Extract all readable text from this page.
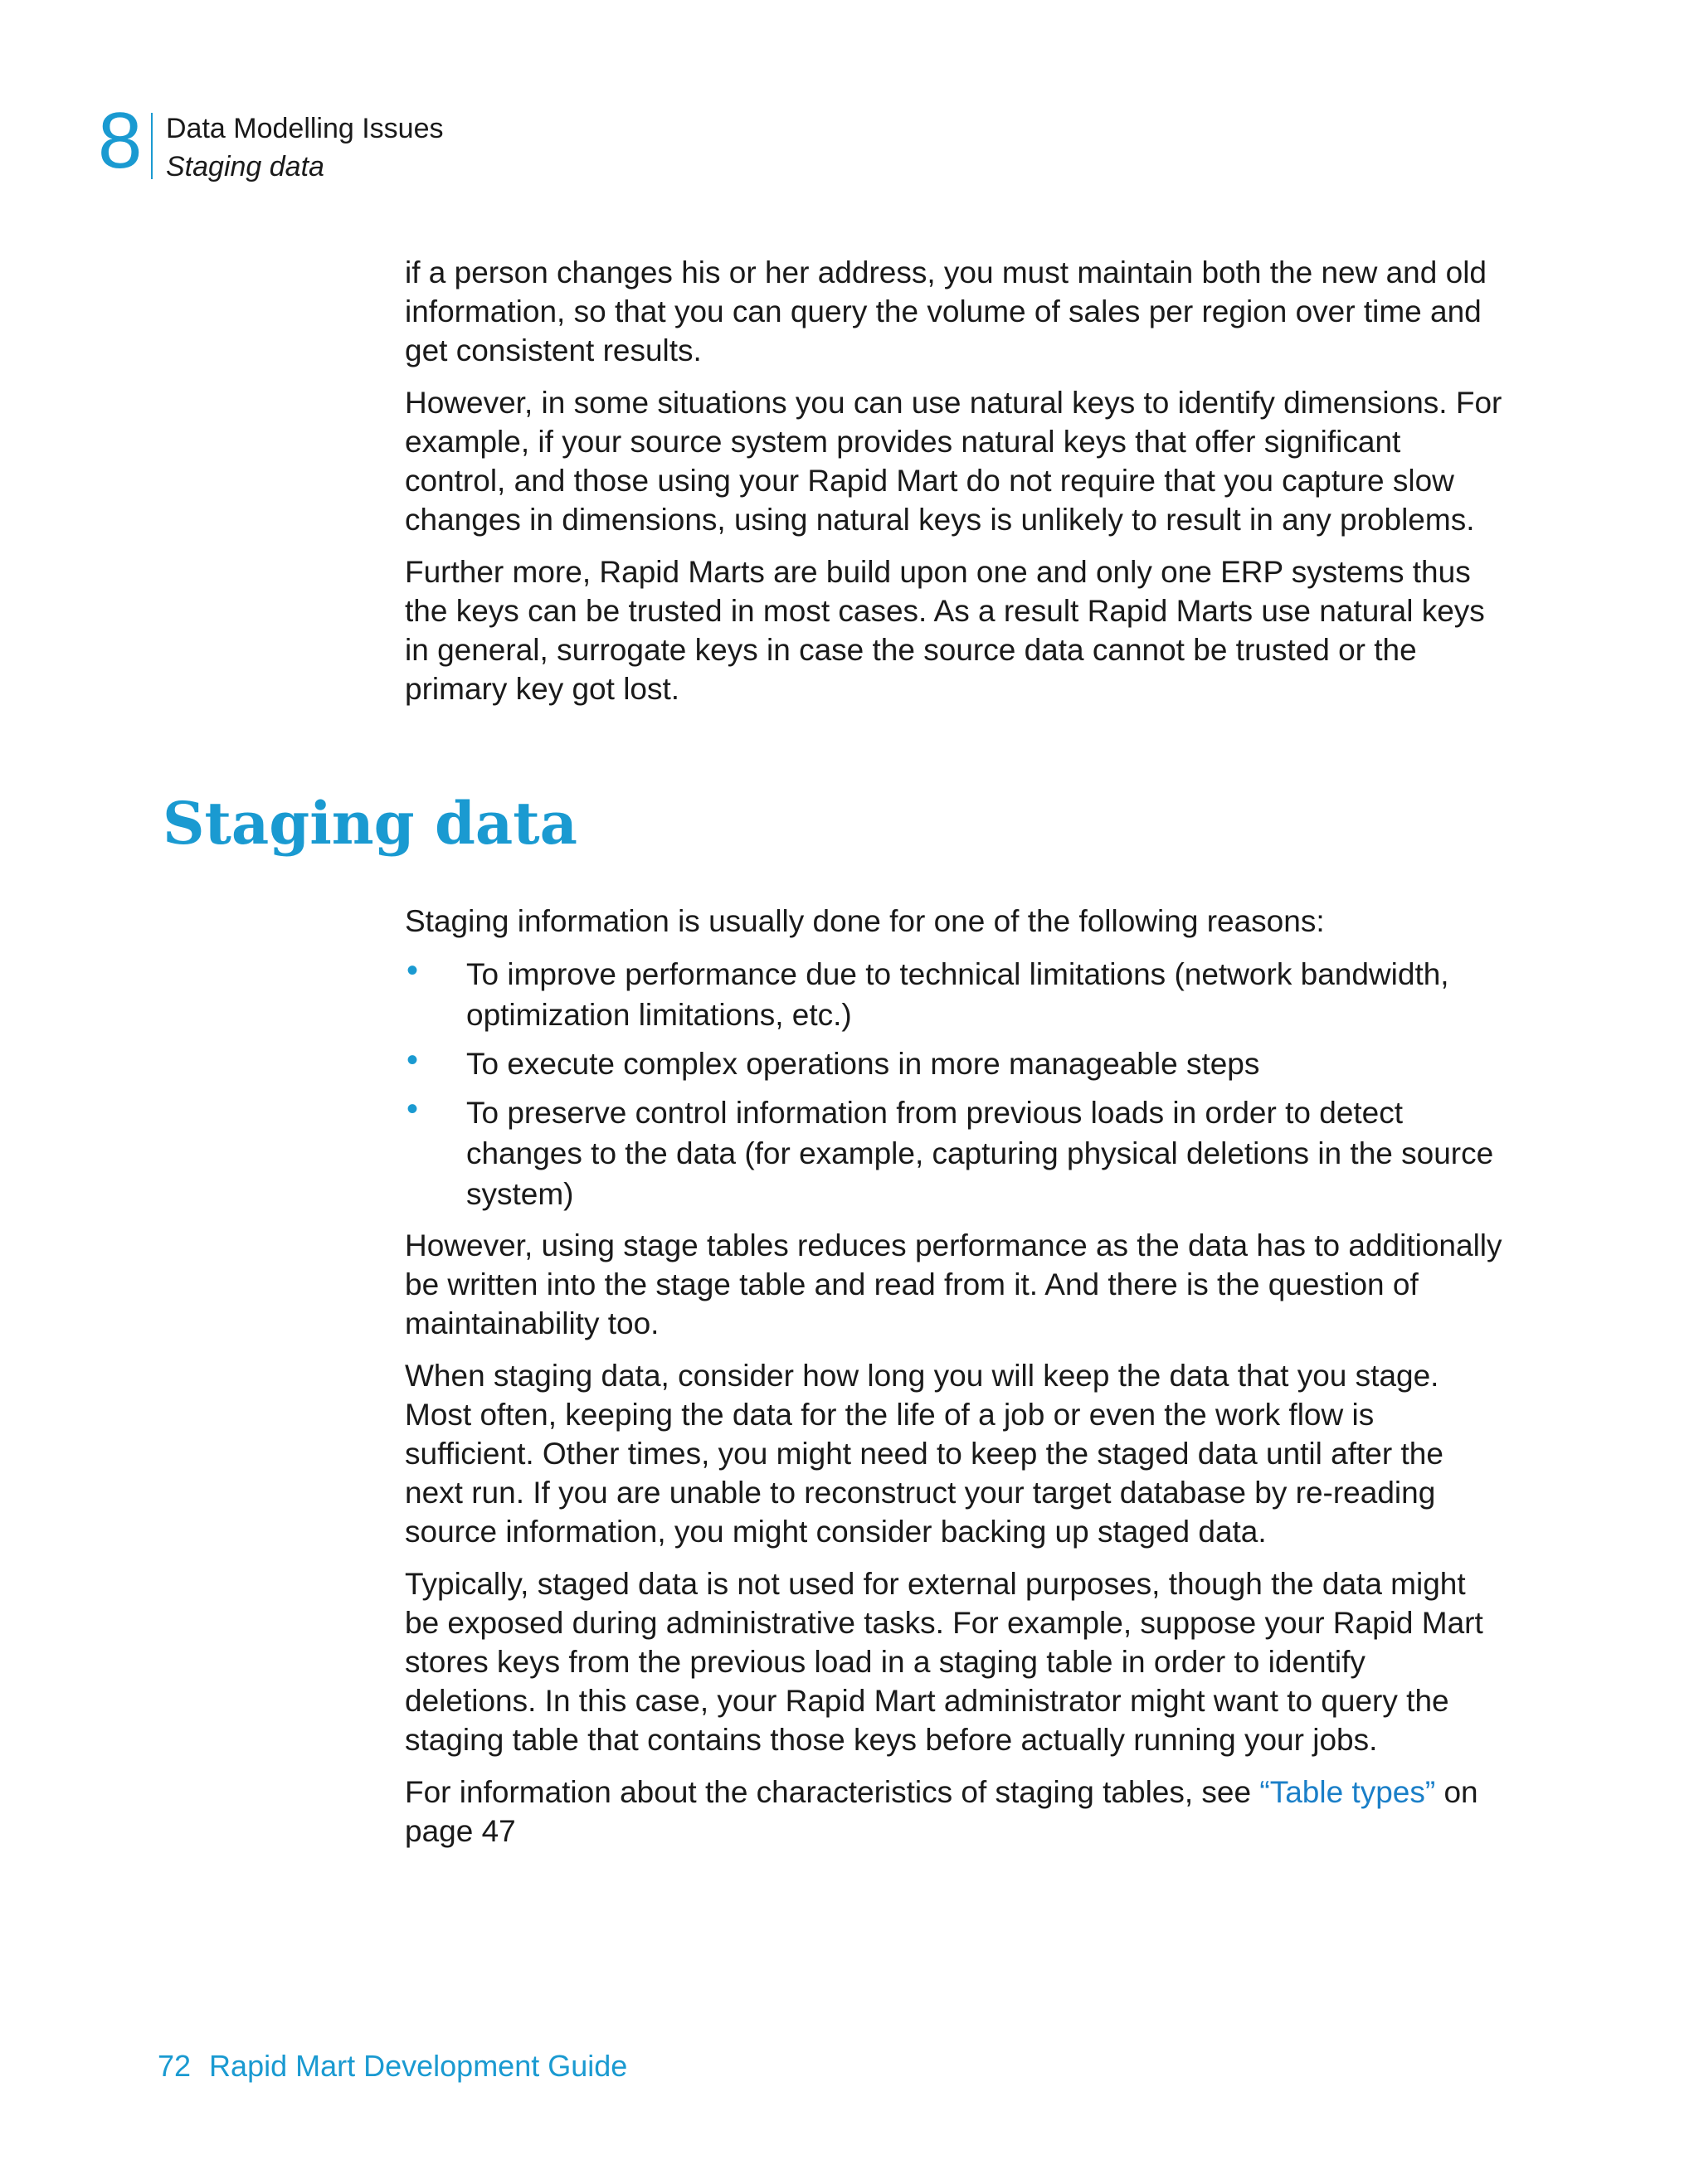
8 Data Modelling Issues
Staging data

if a person changes his or her address, you must maintain both the new and old information, so that you can query the volume of sales per region over time and get consistent results.

However, in some situations you can use natural keys to identify dimensions. For example, if your source system provides natural keys that offer significant control, and those using your Rapid Mart do not require that you capture slow changes in dimensions, using natural keys is unlikely to result in any problems.

Further more, Rapid Marts are build upon one and only one ERP systems thus the keys can be trusted in most cases. As a result Rapid Marts use natural keys in general, surrogate keys in case the source data cannot be trusted or the primary key got lost.

Staging data

Staging information is usually done for one of the following reasons:

• To improve performance due to technical limitations (network bandwidth, optimization limitations, etc.)
• To execute complex operations in more manageable steps
• To preserve control information from previous loads in order to detect changes to the data (for example, capturing physical deletions in the source system)

However, using stage tables reduces performance as the data has to additionally be written into the stage table and read from it. And there is the question of maintainability too.

When staging data, consider how long you will keep the data that you stage. Most often, keeping the data for the life of a job or even the work flow is sufficient. Other times, you might need to keep the staged data until after the next run. If you are unable to reconstruct your target database by re-reading source information, you might consider backing up staged data.

Typically, staged data is not used for external purposes, though the data might be exposed during administrative tasks. For example, suppose your Rapid Mart stores keys from the previous load in a staging table in order to identify deletions. In this case, your Rapid Mart administrator might want to query the staging table that contains those keys before actually running your jobs.

For information about the characteristics of staging tables, see “Table types” on page 47

72 Rapid Mart Development Guide
